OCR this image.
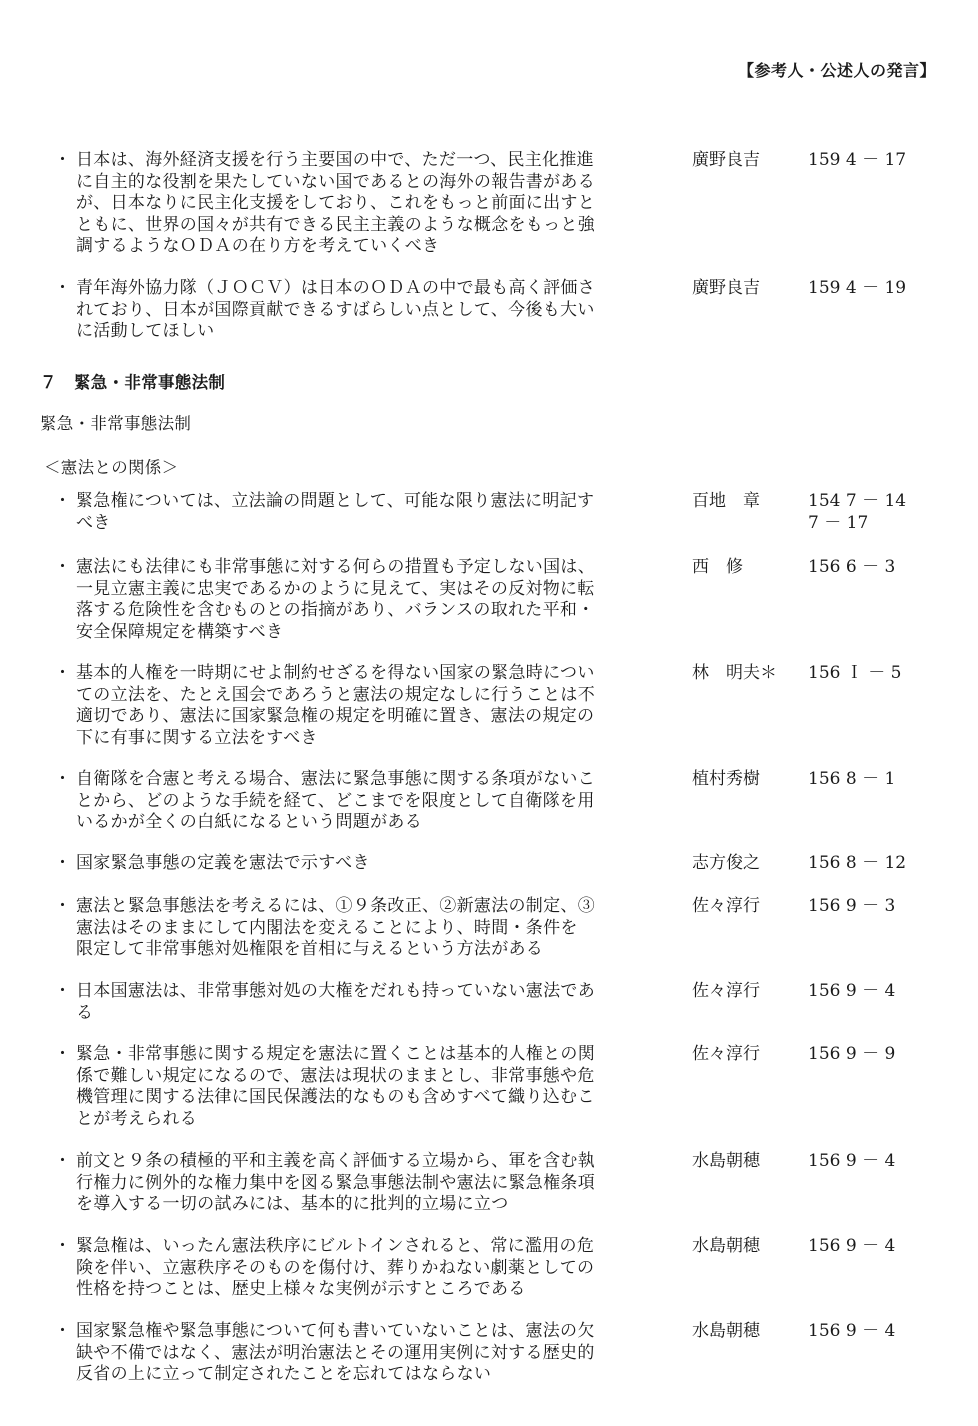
【参考人・公述人の発言】
・ 日本は、海外経済支援を行う主要国の中で、ただ一つ、民主化推進
に自主的な役割を果たしていない国であるとの海外の報告書がある
が、日本なりに民主化支援をしており、これをもっと前面に出すと
ともに、世界の国々が共有できる民主主義のような概念をもっと強
調するようなＯＤＡの在り方を考えていくべき
廣野良吉	159 4 － 17
・ 青年海外協力隊（ＪＯＣＶ）は日本のＯＤＡの中で最も高く評価さ
れており、日本が国際貢献できるすばらしい点として、今後も大い
に活動してほしい
廣野良吉	159 4 － 19
７ 緊急・非常事態法制
緊急・非常事態法制
＜憲法との関係＞
・ 緊急権については、立法論の問題として、可能な限り憲法に明記す
べき
百地　章	154 7 － 14
7 － 17
・ 憲法にも法律にも非常事態に対する何らの措置も予定しない国は、
一見立憲主義に忠実であるかのように見えて、実はその反対物に転
落する危険性を含むものとの指摘があり、バランスの取れた平和・
安全保障規定を構築すべき
西　修	156 6 － 3
・ 基本的人権を一時期にせよ制約せざるを得ない国家の緊急時につい
ての立法を、たとえ国会であろうと憲法の規定なしに行うことは不
適切であり、憲法に国家緊急権の規定を明確に置き、憲法の規定の
下に有事に関する立法をすべき
林　明夫＊ 156 Ｉ － 5
・ 自衛隊を合憲と考える場合、憲法に緊急事態に関する条項がないこ
とから、どのような手続を経て、どこまでを限度として自衛隊を用
いるかが全くの白紙になるという問題がある
植村秀樹	156 8 － 1
・ 国家緊急事態の定義を憲法で示すべき	志方俊之	156 8 － 12
・ 憲法と緊急事態法を考えるには、①９条改正、②新憲法の制定、③
憲法はそのままにして内閣法を変えることにより、時間・条件を
限定して非常事態対処権限を首相に与えるという方法がある
佐々淳行	156 9 － 3
・ 日本国憲法は、非常事態対処の大権をだれも持っていない憲法であ
る
佐々淳行	156 9 － 4
・ 緊急・非常事態に関する規定を憲法に置くことは基本的人権との関
係で難しい規定になるので、憲法は現状のままとし、非常事態や危
機管理に関する法律に国民保護法的なものも含めすべて織り込むこ
とが考えられる
佐々淳行	156 9 － 9
・ 前文と９条の積極的平和主義を高く評価する立場から、軍を含む執
行権力に例外的な権力集中を図る緊急事態法制や憲法に緊急権条項
を導入する一切の試みには、基本的に批判的立場に立つ
水島朝穂	156 9 － 4
・ 緊急権は、いったん憲法秩序にビルトインされると、常に濫用の危
険を伴い、立憲秩序そのものを傷付け、葬りかねない劇薬としての
性格を持つことは、歴史上様々な実例が示すところである
水島朝穂	156 9 － 4
・ 国家緊急権や緊急事態について何も書いていないことは、憲法の欠
缺や不備ではなく、憲法が明治憲法とその運用実例に対する歴史的
反省の上に立って制定されたことを忘れてはならない
水島朝穂	156 9 － 4
